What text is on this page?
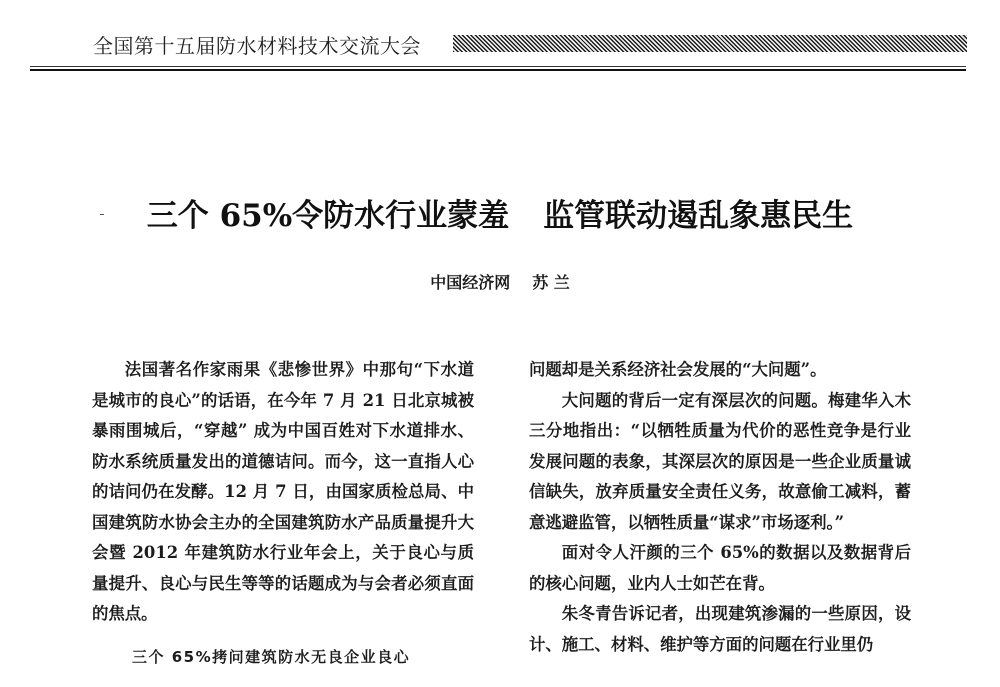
全国第十五届防水材料技术交流大会
三个 65%令防水行业蒙羞 监管联动遏乱象惠民生
中国经济网 苏 兰

法国著名作家雨果《悲惨世界》中那句“下水道是城市的良心”的话语，在今年 7 月 21 日北京城被暴雨围城后，“穿越” 成为中国百姓对下水道排水、防水系统质量发出的道德诘问。而今，这一直指人心的诘问仍在发酵。12 月 7 日，由国家质检总局、中国建筑防水协会主办的全国建筑防水产品质量提升大会暨 2012 年建筑防水行业年会上，关于良心与质量提升、良心与民生等等的话题成为与会者必须直面的焦点。

三个 65%拷问建筑防水无良企业良心

问题却是关系经济社会发展的“大问题”。

大问题的背后一定有深层次的问题。梅建华入木三分地指出：“以牺牲质量为代价的恶性竞争是行业发展问题的表象，其深层次的原因是一些企业质量诚信缺失，放弃质量安全责任义务，故意偷工减料，蓄意逃避监管，以牺牲质量“谋求”市场逐利。”

面对令人汗颜的三个 65%的数据以及数据背后的核心问题，业内人士如芒在背。

朱冬青告诉记者，出现建筑渗漏的一些原因，设计、施工、材料、维护等方面的问题在行业里仍
